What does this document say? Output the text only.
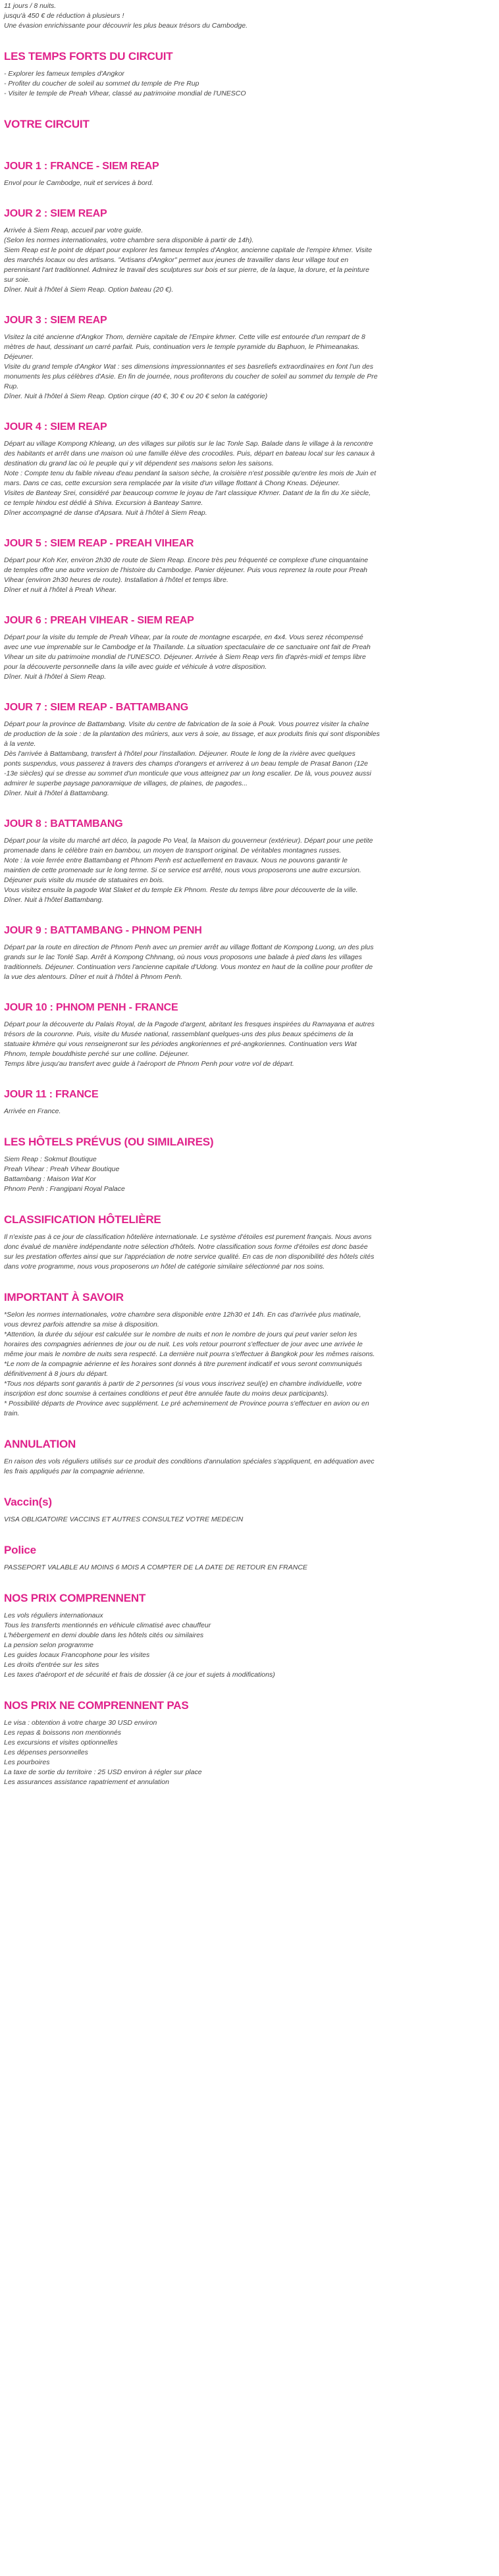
11 jours / 8 nuits.

jusqu'à 450 € de réduction à plusieurs !

Une évasion enrichissante pour découvrir les plus beaux trésors du Cambodge.

LES TEMPS FORTS DU CIRCUIT

- Explorer les fameux temples d'Angkor

- Profiter du coucher de soleil au sommet du temple de Pre Rup

- Visiter le temple de Preah Vihear, classé au patrimoine mondial de l'UNESCO

VOTRE CIRCUIT
JOUR 1 : FRANCE - SIEM REAP

Envol pour le Cambodge, nuit et services à bord.

JOUR 2 : SIEM REAP

Arrivée à Siem Reap, accueil par votre guide.

(Selon les normes internationales, votre chambre sera disponible à partir de 14h).

Siem Reap est le point de départ pour explorer les fameux temples d'Angkor, ancienne capitale de l'empire khmer. Visite

des marchés locaux ou des artisans. "Artisans d'Angkor" permet aux jeunes de travailler dans leur village tout en

perennisant l'art traditionnel. Admirez le travail des sculptures sur bois et sur pierre, de la laque, la dorure, et la peinture

sur soie.

Dîner. Nuit à l'hôtel à Siem Reap. Option bateau (20 €).

JOUR 3 : SIEM REAP

Visitez la cité ancienne d'Angkor Thom, dernière capitale de l'Empire khmer. Cette ville est entourée d'un rempart de 8

mètres de haut, dessinant un carré parfait. Puis, continuation vers le temple pyramide du Baphuon, le Phimeanakas.

Déjeuner.

Visite du grand temple d'Angkor Wat : ses dimensions impressionnantes et ses basreliefs extraordinaires en font l'un des

monuments les plus célèbres d'Asie. En fin de journée, nous profiterons du coucher de soleil au sommet du temple de Pre

Rup.

Dîner. Nuit à l'hôtel à Siem Reap. Option cirque (40 €, 30 € ou 20 € selon la catégorie)

JOUR 4 : SIEM REAP

Départ au village Kompong Khleang, un des villages sur pilotis sur le lac Tonle Sap. Balade dans le village à la rencontre

des habitants et arrêt dans une maison où une famille élève des crocodiles. Puis, départ en bateau local sur les canaux à

destination du grand lac où le peuple qui y vit dépendent ses maisons selon les saisons.

Note : Compte tenu du faible niveau d'eau pendant la saison sèche, la croisière n'est possible qu'entre les mois de Juin et

mars. Dans ce cas, cette excursion sera remplacée par la visite d'un village flottant à Chong Kneas. Déjeuner.

Visites de Banteay Srei, considéré par beaucoup comme le joyau de l'art classique Khmer. Datant de la fin du Xe siècle,

ce temple hindou est dédié à Shiva. Excursion à Banteay Samre.

Dîner accompagné de danse d'Apsara. Nuit à l'hôtel à Siem Reap.

JOUR 5 : SIEM REAP - PREAH VIHEAR

Départ pour Koh Ker, environ 2h30 de route de Siem Reap. Encore très peu fréquenté ce complexe d'une cinquantaine

de temples offre une autre version de l'histoire du Cambodge. Panier déjeuner. Puis vous reprenez la route pour Preah

Vihear (environ 2h30 heures de route). Installation à l'hôtel et temps libre.

Dîner et nuit à l'hôtel à Preah Vihear.

JOUR 6 : PREAH VIHEAR - SIEM REAP

Départ pour la visite du temple de Preah Vihear, par la route de montagne escarpée, en 4x4. Vous serez récompensé

avec une vue imprenable sur le Cambodge et la Thaïlande. La situation spectaculaire de ce sanctuaire ont fait de Preah

Vihear un site du patrimoine mondial de l'UNESCO. Déjeuner. Arrivée à Siem Reap vers fin d'après-midi et temps libre

pour la découverte personnelle dans la ville avec guide et véhicule à votre disposition.

Dîner. Nuit à l'hôtel à Siem Reap.

JOUR 7 : SIEM REAP - BATTAMBANG

Départ pour la province de Battambang. Visite du centre de fabrication de la soie à Pouk. Vous pourrez visiter la chaîne

de production de la soie : de la plantation des mûriers, aux vers à soie, au tissage, et aux produits finis qui sont disponibles

à la vente.

Dès l'arrivée à Battambang, transfert à l'hôtel pour l'installation. Déjeuner. Route le long de la rivière avec quelques

ponts suspendus, vous passerez à travers des champs d'orangers et arriverez à un beau temple de Prasat Banon (12e

-13e siècles) qui se dresse au sommet d'un monticule que vous atteignez par un long escalier. De là, vous pouvez aussi

admirer le superbe paysage panoramique de villages, de plaines, de pagodes...

Dîner. Nuit à l'hôtel à Battambang.

JOUR 8 : BATTAMBANG

Départ pour la visite du marché art déco, la pagode Po Veal, la Maison du gouverneur (extérieur). Départ pour une petite

promenade dans le célèbre train en bambou, un moyen de transport original. De véritables montagnes russes.

Note : la voie ferrée entre Battambang et Phnom Penh est actuellement en travaux. Nous ne pouvons garantir le

maintien de cette promenade sur le long terme. Si ce service est arrêté, nous vous proposerons une autre excursion.

Déjeuner puis visite du musée de statuaires en bois.

Vous visitez ensuite la pagode Wat Slaket et du temple Ek Phnom. Reste du temps libre pour découverte de la ville.

Dîner. Nuit à l'hôtel Battambang.

JOUR 9 : BATTAMBANG - PHNOM PENH

Départ par la route en direction de Phnom Penh avec un premier arrêt au village flottant de Kompong Luong, un des plus

grands sur le lac Tonlé Sap. Arrêt à Kompong Chhnang, où nous vous proposons une balade à pied dans les villages

traditionnels. Déjeuner. Continuation vers l'ancienne capitale d'Udong. Vous montez en haut de la colline pour profiter de

la vue des alentours. Dîner et nuit à l'hôtel à Phnom Penh.

JOUR 10 : PHNOM PENH - FRANCE

Départ pour la découverte du Palais Royal, de la Pagode d'argent, abritant les fresques inspirées du Ramayana et autres

trésors de la couronne. Puis, visite du Musée national, rassemblant quelques-uns des plus beaux spécimens de la

statuaire khmère qui vous renseigneront sur les périodes angkoriennes et pré-angkoriennes. Continuation vers Wat

Phnom, temple bouddhiste perché sur une colline. Déjeuner.

Temps libre jusqu'au transfert avec guide à l'aéroport de Phnom Penh pour votre vol de départ.

JOUR 11 : FRANCE

Arrivée en France.

LES HÔTELS PRÉVUS (OU SIMILAIRES)

Siem Reap : Sokmut Boutique

Preah Vihear : Preah Vihear Boutique

Battambang : Maison Wat Kor

Phnom Penh : Frangipani Royal Palace

CLASSIFICATION HÔTELIÈRE

Il n'existe pas à ce jour de classification hôtelière internationale. Le système d'étoiles est purement français. Nous avons

donc évalué de manière indépendante notre sélection d'hôtels. Notre classification sous forme d'étoiles est donc basée

sur les prestation offertes ainsi que sur l'appréciation de notre service qualité. En cas de non disponibilité des hôtels cités

dans votre programme, nous vous proposerons un hôtel de catégorie similaire sélectionné par nos soins.

IMPORTANT À SAVOIR

*Selon les normes internationales, votre chambre sera disponible entre 12h30 et 14h. En cas d'arrivée plus matinale,

vous devrez parfois attendre sa mise à disposition.

*Attention, la durée du séjour est calculée sur le nombre de nuits et non le nombre de jours qui peut varier selon les

horaires des compagnies aériennes de jour ou de nuit. Les vols retour pourront s'effectuer de jour avec une arrivée le

même jour mais le nombre de nuits sera respecté. La dernière nuit pourra s'effectuer à Bangkok pour les mêmes raisons.

*Le nom de la compagnie aérienne et les horaires sont donnés à titre purement indicatif et vous seront communiqués

définitivement à 8 jours du départ.

*Tous nos départs sont garantis à partir de 2 personnes (si vous vous inscrivez seul(e) en chambre individuelle, votre

inscription est donc soumise à certaines conditions et peut être annulée faute du moins deux participants).

* Possibilité départs de Province avec supplément. Le pré acheminement de Province pourra s'effectuer en avion ou en

train.

ANNULATION

En raison des vols réguliers utilisés sur ce produit des conditions d'annulation spéciales s'appliquent, en adéquation avec

les frais appliqués par la compagnie aérienne.

Vaccin(s)

VISA OBLIGATOIRE VACCINS ET AUTRES CONSULTEZ VOTRE MEDECIN

Police

PASSEPORT VALABLE AU MOINS 6 MOIS A COMPTER DE LA DATE DE RETOUR EN FRANCE

NOS PRIX COMPRENNENT

Les vols réguliers internationaux

Tous les transferts mentionnés en véhicule climatisé avec chauffeur

L'hébergement en demi double dans les hôtels cités ou similaires

La pension selon programme

Les guides locaux Francophone pour les visites

Les droits d'entrée sur les sites

Les taxes d'aéroport et de sécurité et frais de dossier (à ce jour et sujets à modifications)

NOS PRIX NE COMPRENNENT PAS

Le visa : obtention à votre charge 30 USD environ

Les repas & boissons non mentionnés

Les excursions et visites optionnelles

Les dépenses personnelles

Les pourboires

La taxe de sortie du territoire : 25 USD environ à régler sur place

Les assurances assistance rapatriement et annulation
